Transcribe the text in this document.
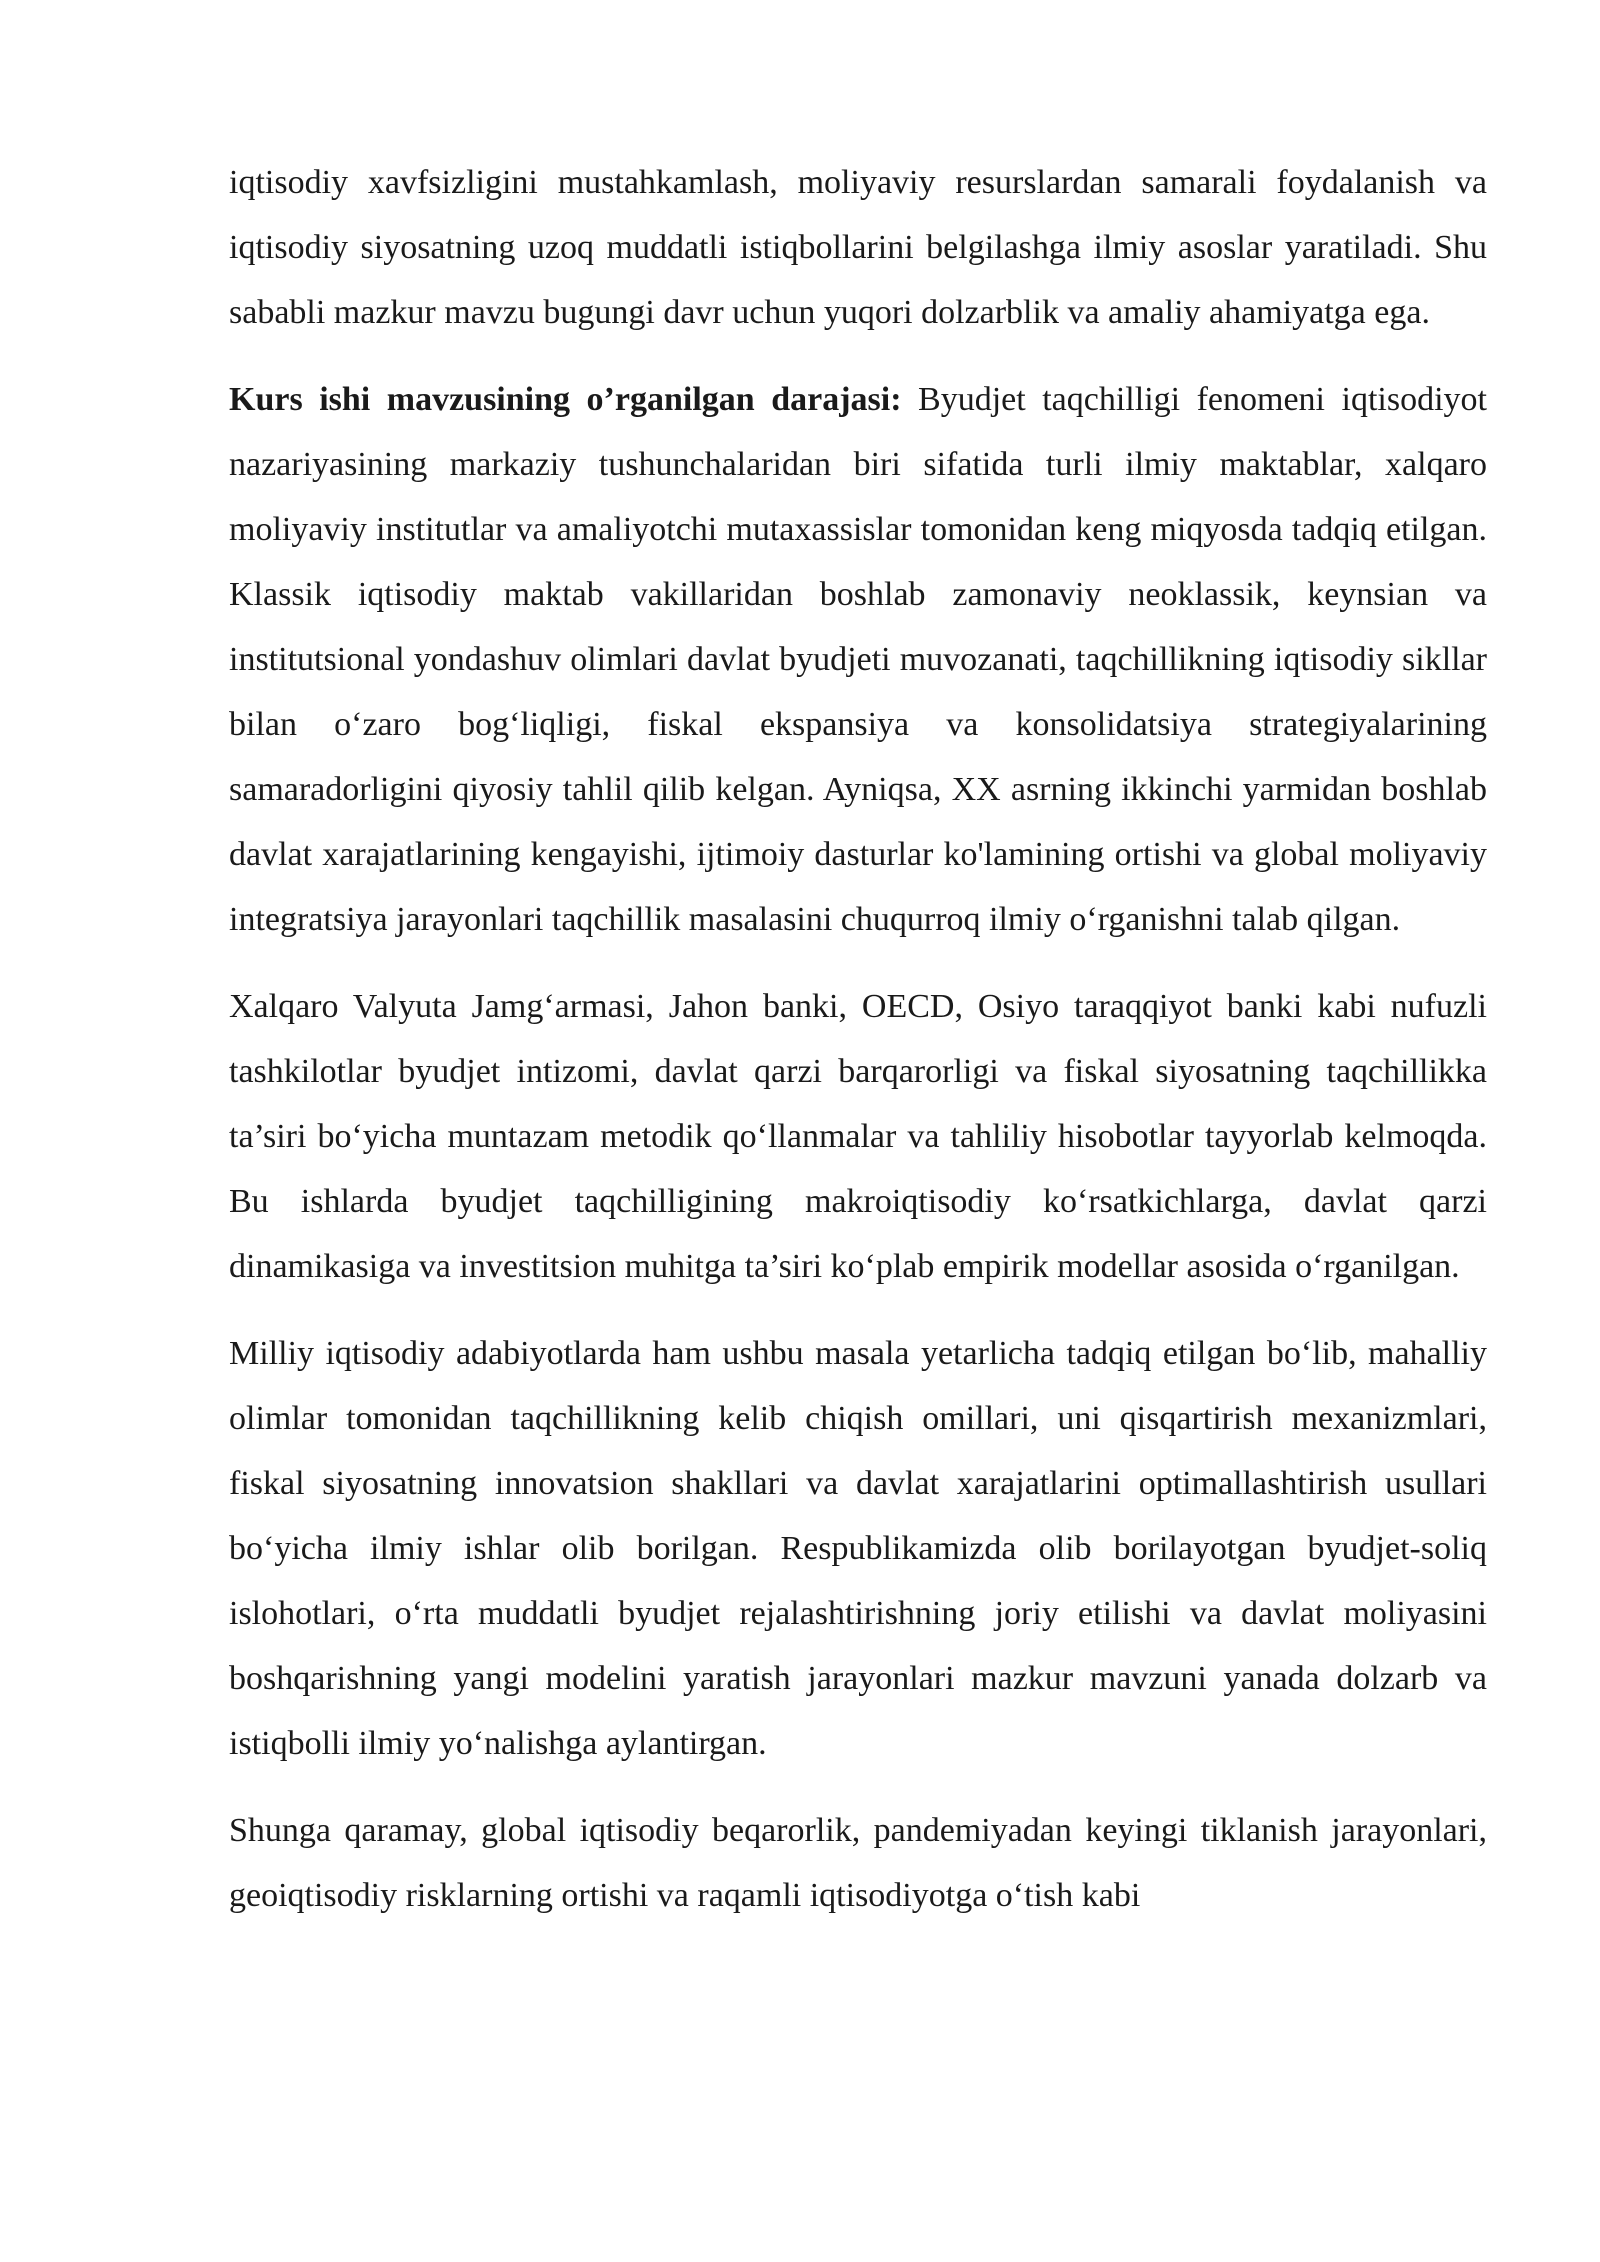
iqtisodiy xavfsizligini mustahkamlash, moliyaviy resurslardan samarali foydalanish va iqtisodiy siyosatning uzoq muddatli istiqbollarini belgilashga ilmiy asoslar yaratiladi. Shu sababli mazkur mavzu bugungi davr uchun yuqori dolzarblik va amaliy ahamiyatga ega.

Kurs ishi mavzusining o’rganilgan darajasi: Byudjet taqchilligi fenomeni iqtisodiyot nazariyasining markaziy tushunchalaridan biri sifatida turli ilmiy maktablar, xalqaro moliyaviy institutlar va amaliyotchi mutaxassislar tomonidan keng miqyosda tadqiq etilgan. Klassik iqtisodiy maktab vakillaridan boshlab zamonaviy neoklassik, keynsian va institutsional yondashuv olimlari davlat byudjeti muvozanati, taqchillikning iqtisodiy sikllar bilan o‘zaro bog‘liqligi, fiskal ekspansiya va konsolidatsiya strategiyalarining samaradorligini qiyosiy tahlil qilib kelgan. Ayniqsa, XX asrning ikkinchi yarmidan boshlab davlat xarajatlarining kengayishi, ijtimoiy dasturlar ko'lamining ortishi va global moliyaviy integratsiya jarayonlari taqchillik masalasini chuqurroq ilmiy o‘rganishni talab qilgan.

Xalqaro Valyuta Jamg‘armasi, Jahon banki, OECD, Osiyo taraqqiyot banki kabi nufuzli tashkilotlar byudjet intizomi, davlat qarzi barqarorligi va fiskal siyosatning taqchillikka ta’siri bo‘yicha muntazam metodik qo‘llanmalar va tahliliy hisobotlar tayyorlab kelmoqda. Bu ishlarda byudjet taqchilligining makroiqtisodiy ko‘rsatkichlarga, davlat qarzi dinamikasiga va investitsion muhitga ta’siri ko‘plab empirik modellar asosida o‘rganilgan.

Milliy iqtisodiy adabiyotlarda ham ushbu masala yetarlicha tadqiq etilgan bo‘lib, mahalliy olimlar tomonidan taqchillikning kelib chiqish omillari, uni qisqartirish mexanizmlari, fiskal siyosatning innovatsion shakllari va davlat xarajatlarini optimallashtirish usullari bo‘yicha ilmiy ishlar olib borilgan. Respublikamizda olib borilayotgan byudjet-soliq islohotlari, o‘rta muddatli byudjet rejalashtirishning joriy etilishi va davlat moliyasini boshqarishning yangi modelini yaratish jarayonlari mazkur mavzuni yanada dolzarb va istiqbolli ilmiy yo‘nalishga aylantirgan.

Shunga qaramay, global iqtisodiy beqarorlik, pandemiyadan keyingi tiklanish jarayonlari, geoiqtisodiy risklarning ortishi va raqamli iqtisodiyotga o‘tish kabi
